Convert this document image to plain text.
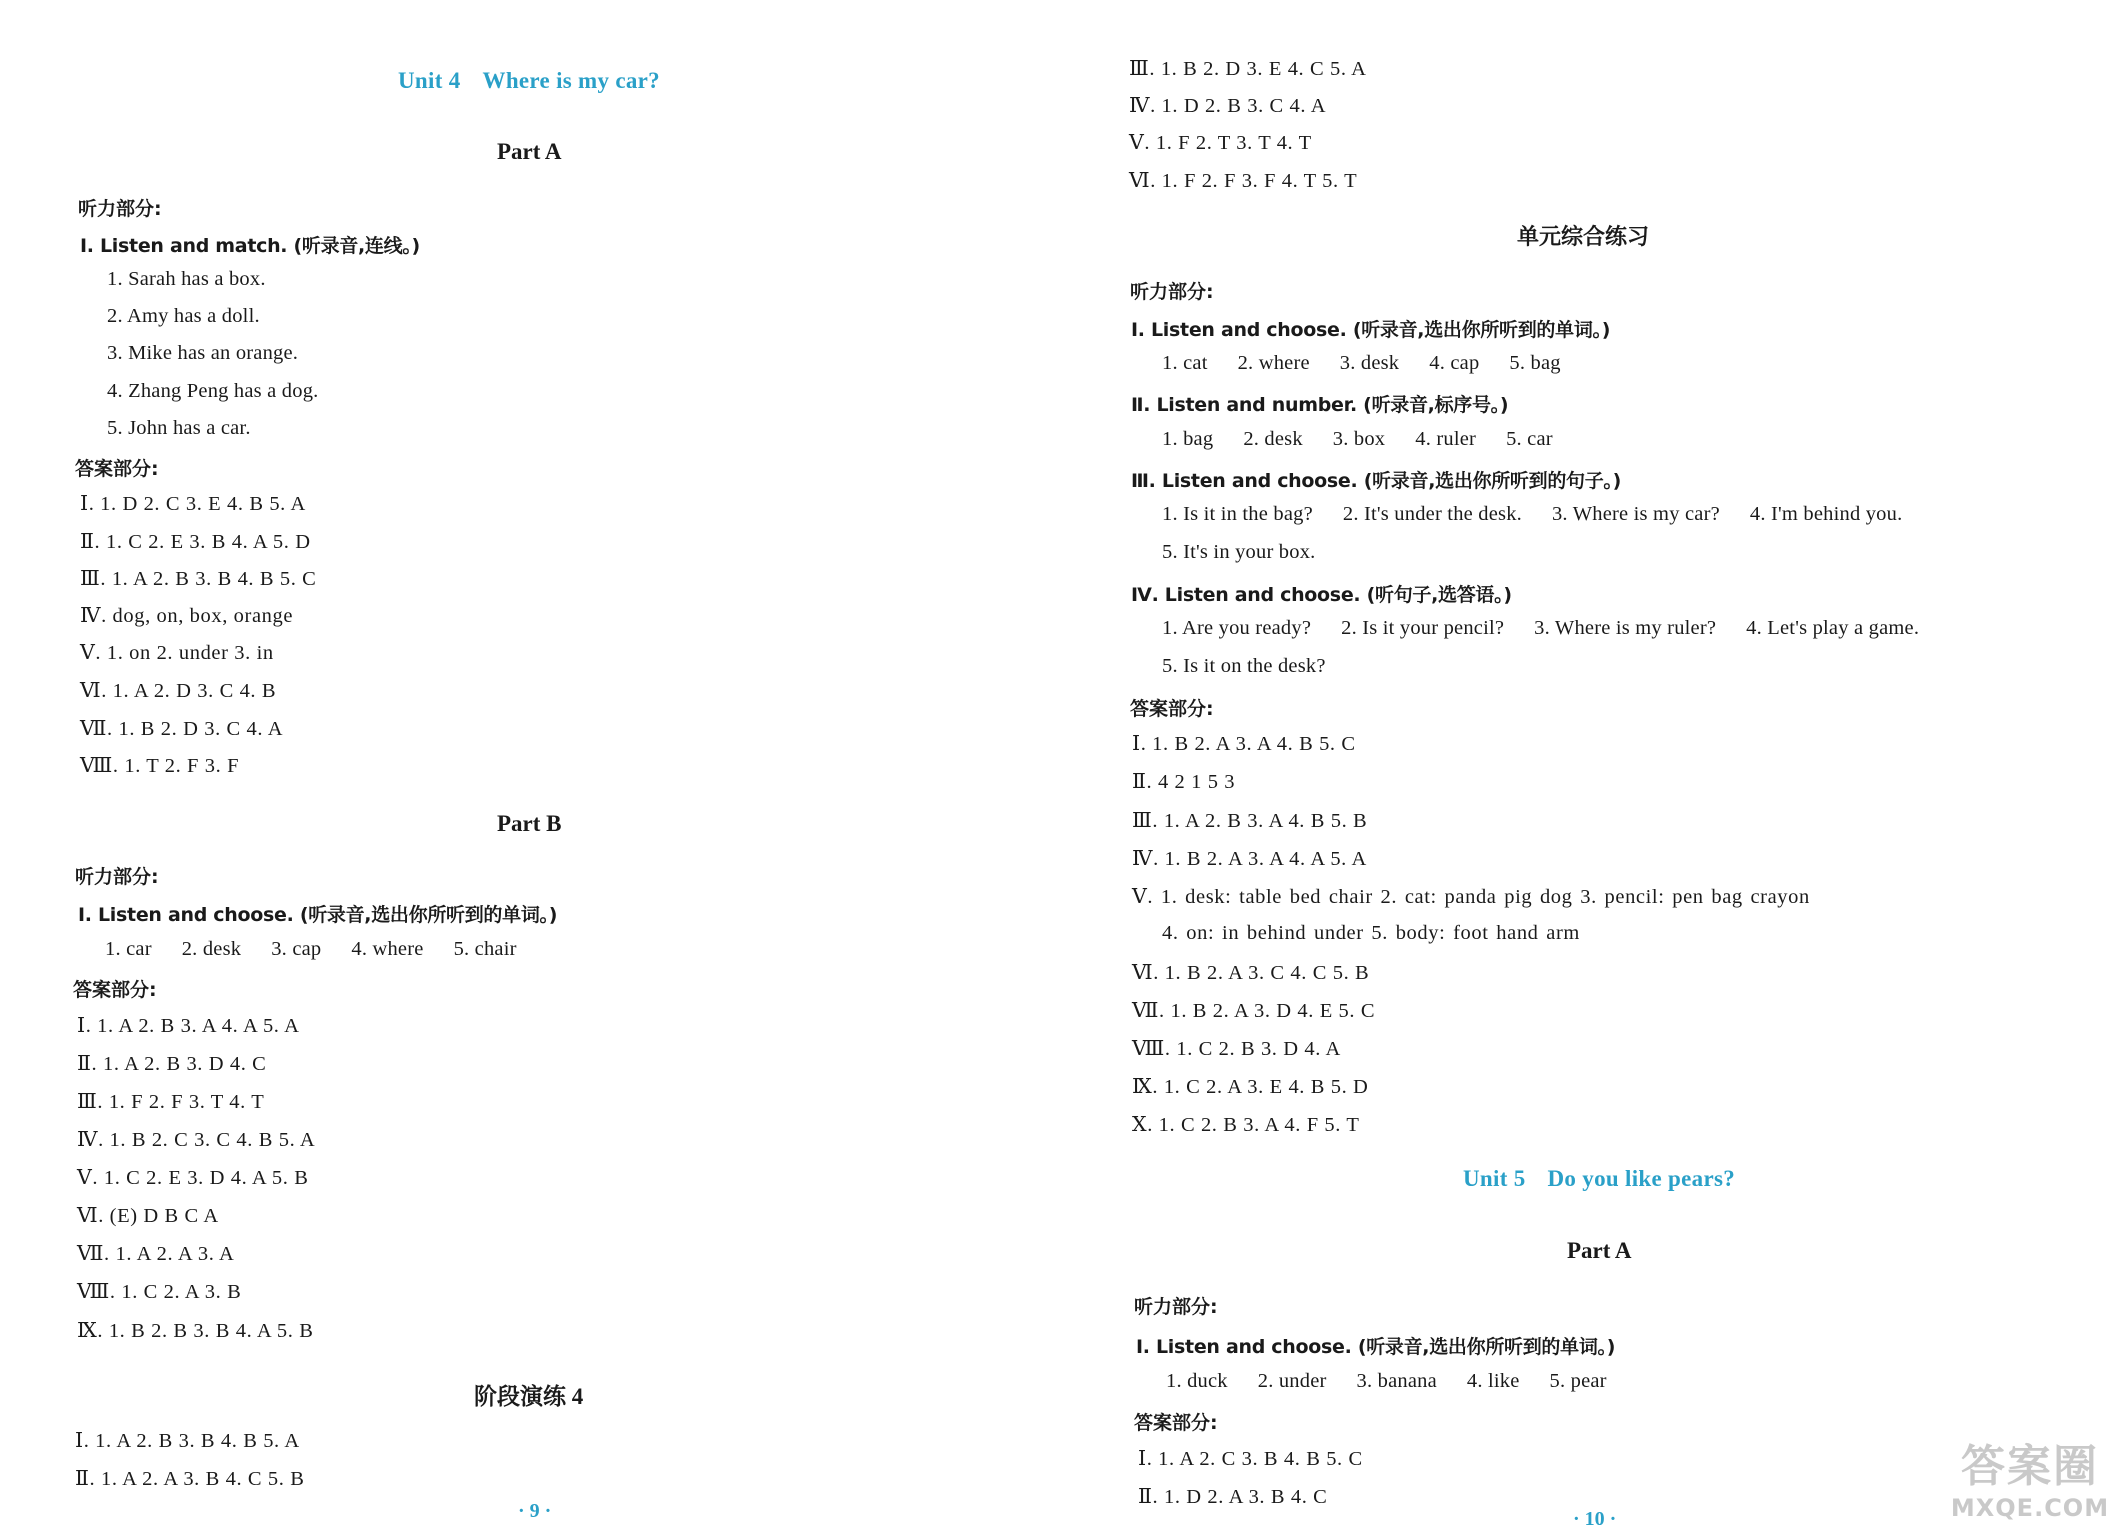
Unit 4 Where is my car?
Part A
听力部分:
Ⅰ. Listen and match. (听录音,连线。)
1. Sarah has a box.
2. Amy has a doll.
3. Mike has an orange.
4. Zhang Peng has a dog.
5. John has a car.
答案部分:
Ⅰ. 1. D 2. C 3. E 4. B 5. A
Ⅱ. 1. C 2. E 3. B 4. A 5. D
Ⅲ. 1. A 2. B 3. B 4. B 5. C
Ⅳ. dog, on, box, orange
Ⅴ. 1. on 2. under 3. in
Ⅵ. 1. A 2. D 3. C 4. B
Ⅶ. 1. B 2. D 3. C 4. A
Ⅷ. 1. T 2. F 3. F
Part B
听力部分:
Ⅰ. Listen and choose. (听录音,选出你所听到的单词。)
1. car 2. desk 3. cap 4. where 5. chair
答案部分:
Ⅰ. 1. A 2. B 3. A 4. A 5. A
Ⅱ. 1. A 2. B 3. D 4. C
Ⅲ. 1. F 2. F 3. T 4. T
Ⅳ. 1. B 2. C 3. C 4. B 5. A
Ⅴ. 1. C 2. E 3. D 4. A 5. B
Ⅵ. (E) D B C A
Ⅶ. 1. A 2. A 3. A
Ⅷ. 1. C 2. A 3. B
Ⅸ. 1. B 2. B 3. B 4. A 5. B
阶段演练 4
Ⅰ. 1. A 2. B 3. B 4. B 5. A
Ⅱ. 1. A 2. A 3. B 4. C 5. B
· 9 ·
Ⅲ. 1. B 2. D 3. E 4. C 5. A
Ⅳ. 1. D 2. B 3. C 4. A
Ⅴ. 1. F 2. T 3. T 4. T
Ⅵ. 1. F 2. F 3. F 4. T 5. T
单元综合练习
听力部分:
Ⅰ. Listen and choose. (听录音,选出你所听到的单词。)
1. cat 2. where 3. desk 4. cap 5. bag
Ⅱ. Listen and number. (听录音,标序号。)
1. bag 2. desk 3. box 4. ruler 5. car
Ⅲ. Listen and choose. (听录音,选出你所听到的句子。)
1. Is it in the bag? 2. It's under the desk. 3. Where is my car? 4. I'm behind you.
5. It's in your box.
Ⅳ. Listen and choose. (听句子,选答语。)
1. Are you ready? 2. Is it your pencil? 3. Where is my ruler? 4. Let's play a game.
5. Is it on the desk?
答案部分:
Ⅰ. 1. B 2. A 3. A 4. B 5. C
Ⅱ. 4 2 1 5 3
Ⅲ. 1. A 2. B 3. A 4. B 5. B
Ⅳ. 1. B 2. A 3. A 4. A 5. A
Ⅴ. 1. desk: table bed chair 2. cat: panda pig dog 3. pencil: pen bag crayon
4. on: in behind under 5. body: foot hand arm
Ⅵ. 1. B 2. A 3. C 4. C 5. B
Ⅶ. 1. B 2. A 3. D 4. E 5. C
Ⅷ. 1. C 2. B 3. D 4. A
Ⅸ. 1. C 2. A 3. E 4. B 5. D
Ⅹ. 1. C 2. B 3. A 4. F 5. T
Unit 5 Do you like pears?
Part A
听力部分:
Ⅰ. Listen and choose. (听录音,选出你所听到的单词。)
1. duck 2. under 3. banana 4. like 5. pear
答案部分:
Ⅰ. 1. A 2. C 3. B 4. B 5. C
Ⅱ. 1. D 2. A 3. B 4. C
· 10 ·
答案圈
MXQE.COM
